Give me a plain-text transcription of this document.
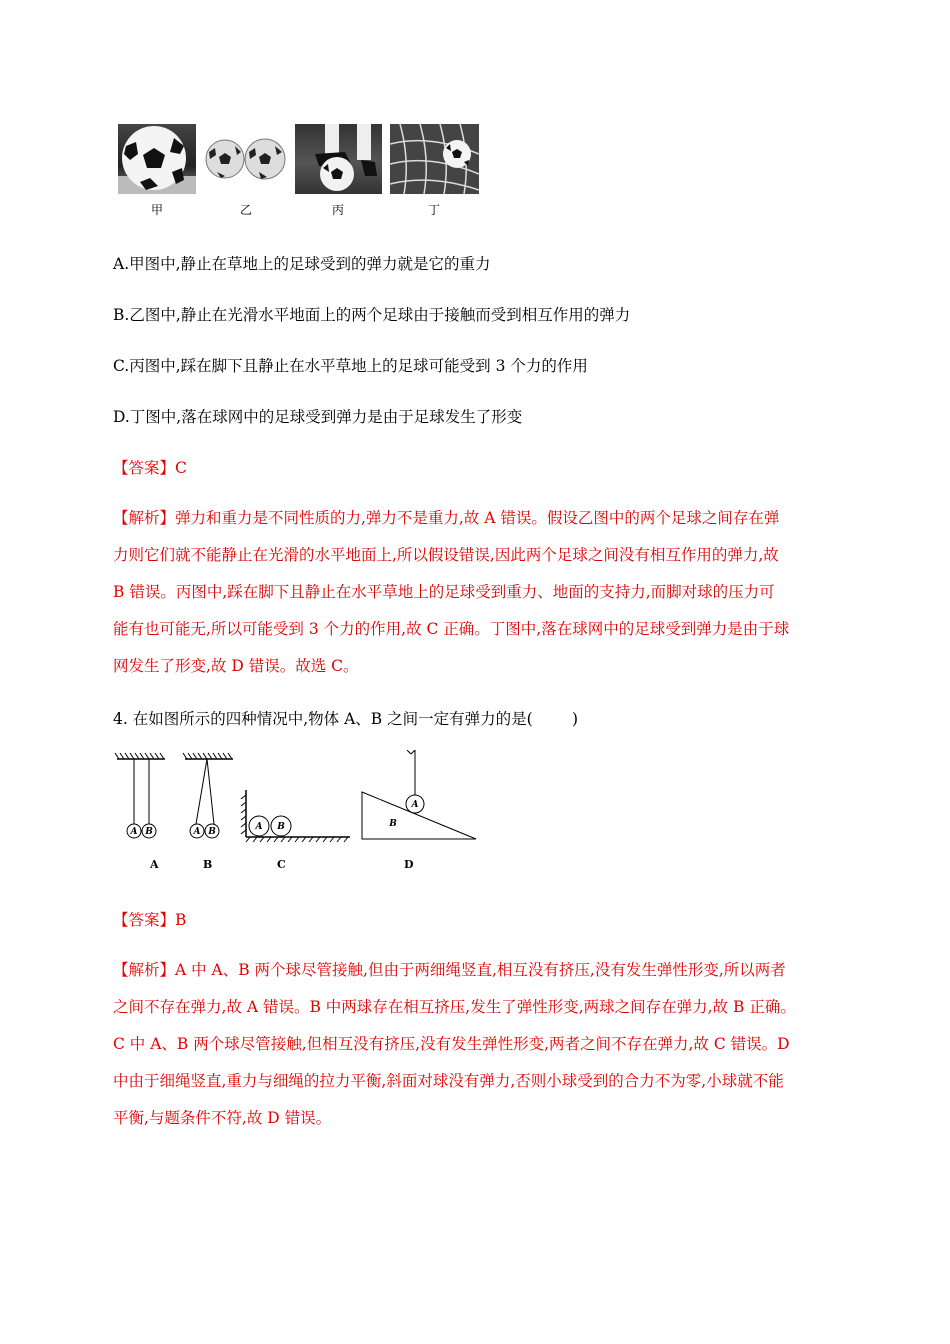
甲	乙	丙	丁
A.甲图中,静止在草地上的足球受到的弹力就是它的重力
B.乙图中,静止在光滑水平地面上的两个足球由于接触而受到相互作用的弹力
C.丙图中,踩在脚下且静止在水平草地上的足球可能受到 3 个力的作用
D.丁图中,落在球网中的足球受到弹力是由于足球发生了形变
【答案】C
【解析】弹力和重力是不同性质的力,弹力不是重力,故 A 错误。假设乙图中的两个足球之间存在弹
力则它们就不能静止在光滑的水平地面上,所以假设错误,因此两个足球之间没有相互作用的弹力,故
B 错误。丙图中,踩在脚下且静止在水平草地上的足球受到重力、地面的支持力,而脚对球的压力可
能有也可能无,所以可能受到 3 个力的作用,故 C 正确。丁图中,落在球网中的足球受到弹力是由于球
网发生了形变,故 D 错误。故选 C。
4. 在如图所示的四种情况中,物体 A、B 之间一定有弹力的是(        )
A B	A B	A B
A
B
A	B	C	D
【答案】B
【解析】A 中 A、B 两个球尽管接触,但由于两细绳竖直,相互没有挤压,没有发生弹性形变,所以两者
之间不存在弹力,故 A 错误。B 中两球存在相互挤压,发生了弹性形变,两球之间存在弹力,故 B 正确。
C 中 A、B 两个球尽管接触,但相互没有挤压,没有发生弹性形变,两者之间不存在弹力,故 C 错误。D
中由于细绳竖直,重力与细绳的拉力平衡,斜面对球没有弹力,否则小球受到的合力不为零,小球就不能
平衡,与题条件不符,故 D 错误。
